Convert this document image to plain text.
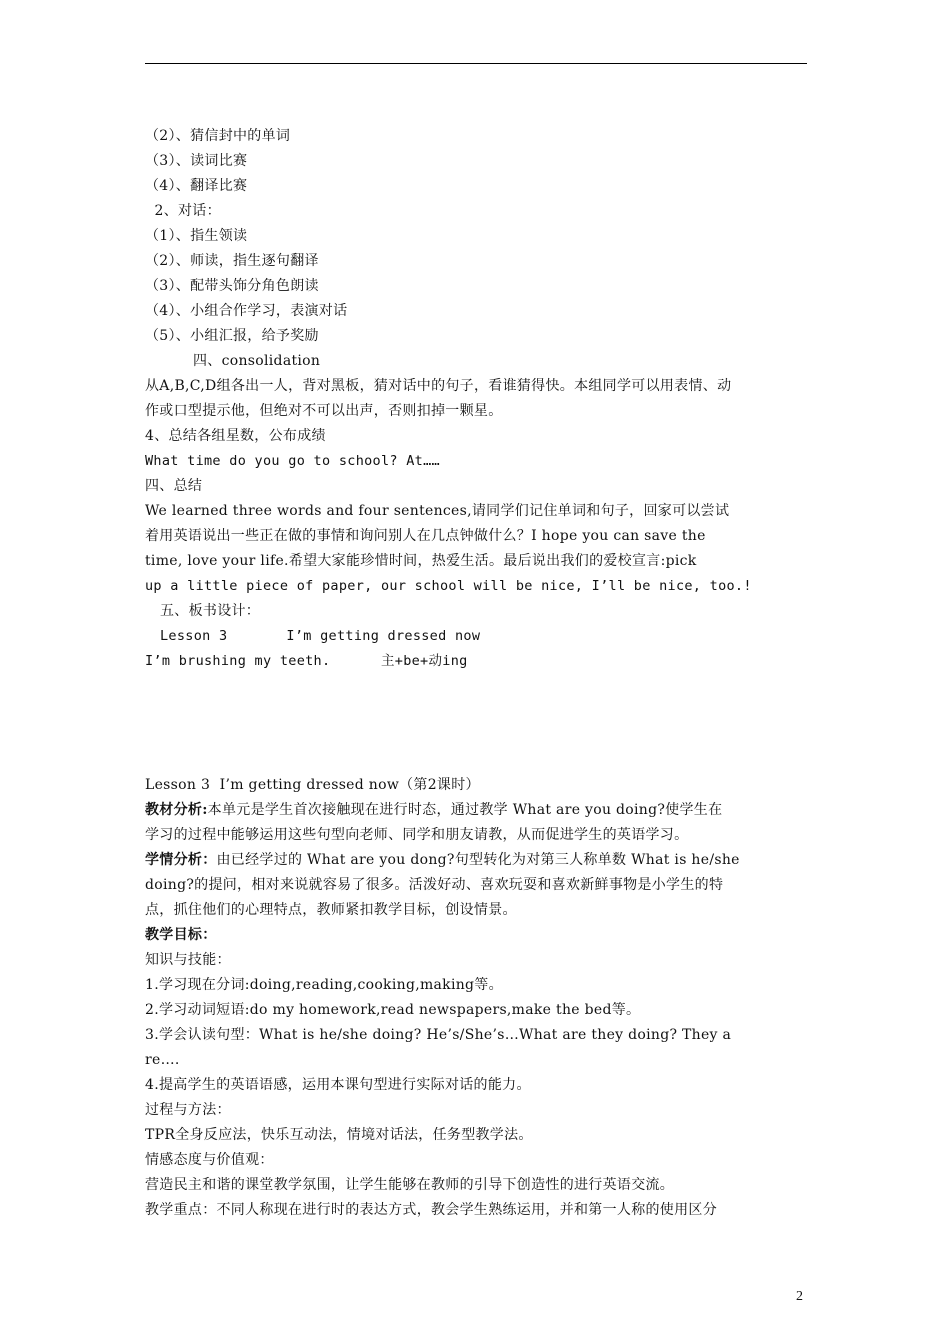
（2）、猜信封中的单词
（3）、读词比赛
（4）、翻译比赛
2、对话：
（1）、指生领读
（2）、师读，指生逐句翻译
（3）、配带头饰分角色朗读
（4）、小组合作学习，表演对话
（5）、小组汇报，给予奖励
四、consolidation
从A,B,C,D组各出一人，背对黑板，猜对话中的句子，看谁猜得快。本组同学可以用表情、动
作或口型提示他，但绝对不可以出声，否则扣掉一颗星。
4、总结各组星数，公布成绩
What time do you go to school? At……
四、总结
We learned three words and four sentences,请同学们记住单词和句子，回家可以尝试
着用英语说出一些正在做的事情和询问别人在几点钟做什么？I hope you can save the
time, love your life.希望大家能珍惜时间，热爱生活。最后说出我们的爱校宣言:pick
up a little piece of paper, our school will be nice, I’ll be nice, too.!
五、板书设计：
Lesson 3       I’m getting dressed now
I’m brushing my teeth.      主+be+动ing
Lesson 3  I’m getting dressed now（第2课时）
教材分析:本单元是学生首次接触现在进行时态，通过教学 What are you doing?使学生在
学习的过程中能够运用这些句型向老师、同学和朋友请教，从而促进学生的英语学习。
学情分析：由已经学过的 What are you dong?句型转化为对第三人称单数 What is he/she
doing?的提问，相对来说就容易了很多。活泼好动、喜欢玩耍和喜欢新鲜事物是小学生的特
点，抓住他们的心理特点，教师紧扣教学目标，创设情景。
教学目标：
知识与技能：
1.学习现在分词:doing,reading,cooking,making等。
2.学习动词短语:do my homework,read newspapers,make the bed等。
3.学会认读句型：What is he/she doing? He’s/She’s…What are they doing? They a
re….
4.提高学生的英语语感，运用本课句型进行实际对话的能力。
过程与方法：
TPR全身反应法，快乐互动法，情境对话法，任务型教学法。
情感态度与价值观：
营造民主和谐的课堂教学氛围，让学生能够在教师的引导下创造性的进行英语交流。
教学重点：不同人称现在进行时的表达方式，教会学生熟练运用，并和第一人称的使用区分
2
